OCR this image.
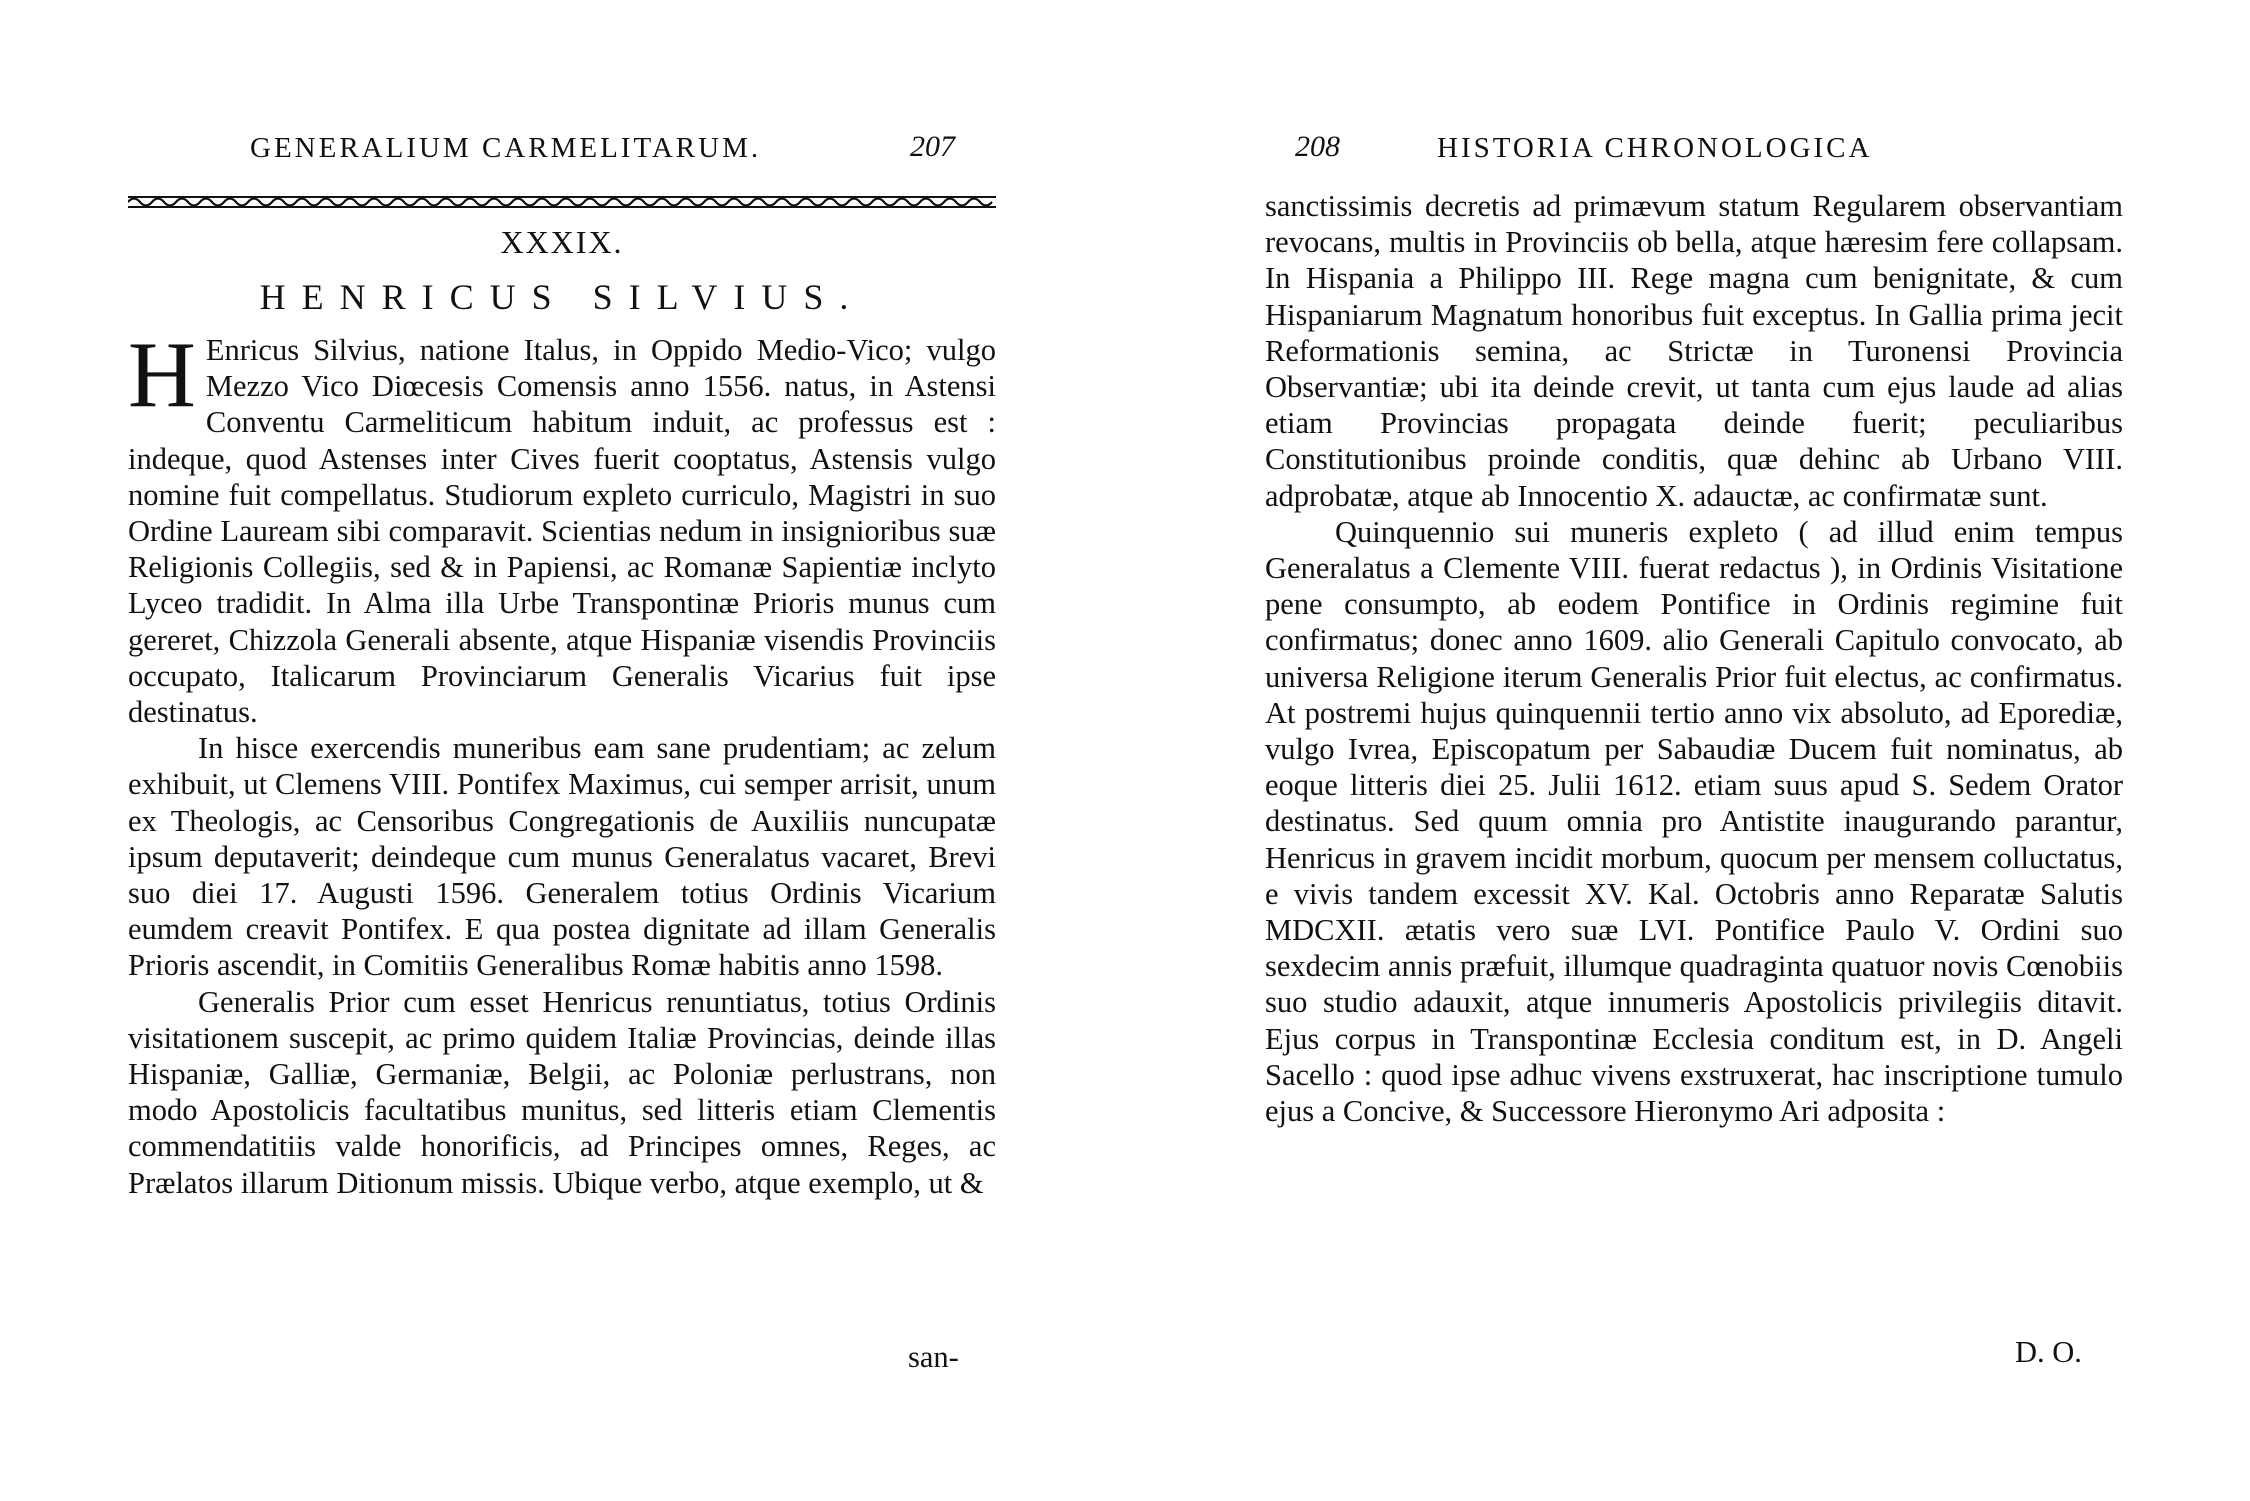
GENERALIUM CARMELITARUM.	207
XXXIX.
HENRICUS SILVIUS.

H Enricus Silvius, natione Italus, in Oppido Medio-Vico; vulgo Mezzo Vico Diœcesis Comensis anno 1556. natus, in Astensi Conventu Carmeliticum habitum induit, ac professus est : indeque, quod Astenses inter Cives fuerit cooptatus, Astensis vulgo nomine fuit compellatus. Studiorum expleto curriculo, Magistri in suo Ordine Lauream sibi comparavit. Scientias nedum in insignioribus suæ Religionis Collegiis, sed & in Papiensi, ac Romanæ Sapientiæ inclyto Lyceo tradidit. In Alma illa Urbe Transpontinæ Prioris munus cum gereret, Chizzola Generali absente, atque Hispaniæ visendis Provinciis occupato, Italicarum Provinciarum Generalis Vicarius fuit ipse destinatus.

In hisce exercendis muneribus eam sane prudentiam; ac zelum exhibuit, ut Clemens VIII. Pontifex Maximus, cui semper arrisit, unum ex Theologis, ac Censoribus Congregationis de Auxiliis nuncupatæ ipsum deputaverit; deindeque cum munus Generalatus vacaret, Brevi suo diei 17. Augusti 1596. Generalem totius Ordinis Vicarium eumdem creavit Pontifex. E qua postea dignitate ad illam Generalis Prioris ascendit, in Comitiis Generalibus Romæ habitis anno 1598.

Generalis Prior cum esset Henricus renuntiatus, totius Ordinis visitationem suscepit, ac primo quidem Italiæ Provincias, deinde illas Hispaniæ, Galliæ, Germaniæ, Belgii, ac Poloniæ perlustrans, non modo Apostolicis facultatibus munitus, sed litteris etiam Clementis commendatitiis valde honorificis, ad Principes omnes, Reges, ac Prælatos illarum Ditionum missis. Ubique verbo, atque exemplo, ut &

san-
208	HISTORIA CHRONOLOGICA

sanctissimis decretis ad primævum statum Regularem observantiam revocans, multis in Provinciis ob bella, atque hæresim fere collapsam. In Hispania a Philippo III. Rege magna cum benignitate, & cum Hispaniarum Magnatum honoribus fuit exceptus. In Gallia prima jecit Reformationis semina, ac Strictæ in Turonensi Provincia Observantiæ; ubi ita deinde crevit, ut tanta cum ejus laude ad alias etiam Provincias propagata deinde fuerit; peculiaribus Constitutionibus proinde conditis, quæ dehinc ab Urbano VIII. adprobatæ, atque ab Innocentio X. adauctæ, ac confirmatæ sunt.

Quinquennio sui muneris expleto ( ad illud enim tempus Generalatus a Clemente VIII. fuerat redactus ), in Ordinis Visitatione pene consumpto, ab eodem Pontifice in Ordinis regimine fuit confirmatus; donec anno 1609. alio Generali Capitulo convocato, ab universa Religione iterum Generalis Prior fuit electus, ac confirmatus. At postremi hujus quinquennii tertio anno vix absoluto, ad Eporediæ, vulgo Ivrea, Episcopatum per Sabaudiæ Ducem fuit nominatus, ab eoque litteris diei 25. Julii 1612. etiam suus apud S. Sedem Orator destinatus. Sed quum omnia pro Antistite inaugurando parantur, Henricus in gravem incidit morbum, quocum per mensem colluctatus, e vivis tandem excessit XV. Kal. Octobris anno Reparatæ Salutis MDCXII. ætatis vero suæ LVI. Pontifice Paulo V. Ordini suo sexdecim annis præfuit, illumque quadraginta quatuor novis Cœnobiis suo studio adauxit, atque innumeris Apostolicis privilegiis ditavit. Ejus corpus in Transpontinæ Ecclesia conditum est, in D. Angeli Sacello : quod ipse adhuc vivens exstruxerat, hac inscriptione tumulo ejus a Concive, & Successore Hieronymo Ari adposita :

D. O.
